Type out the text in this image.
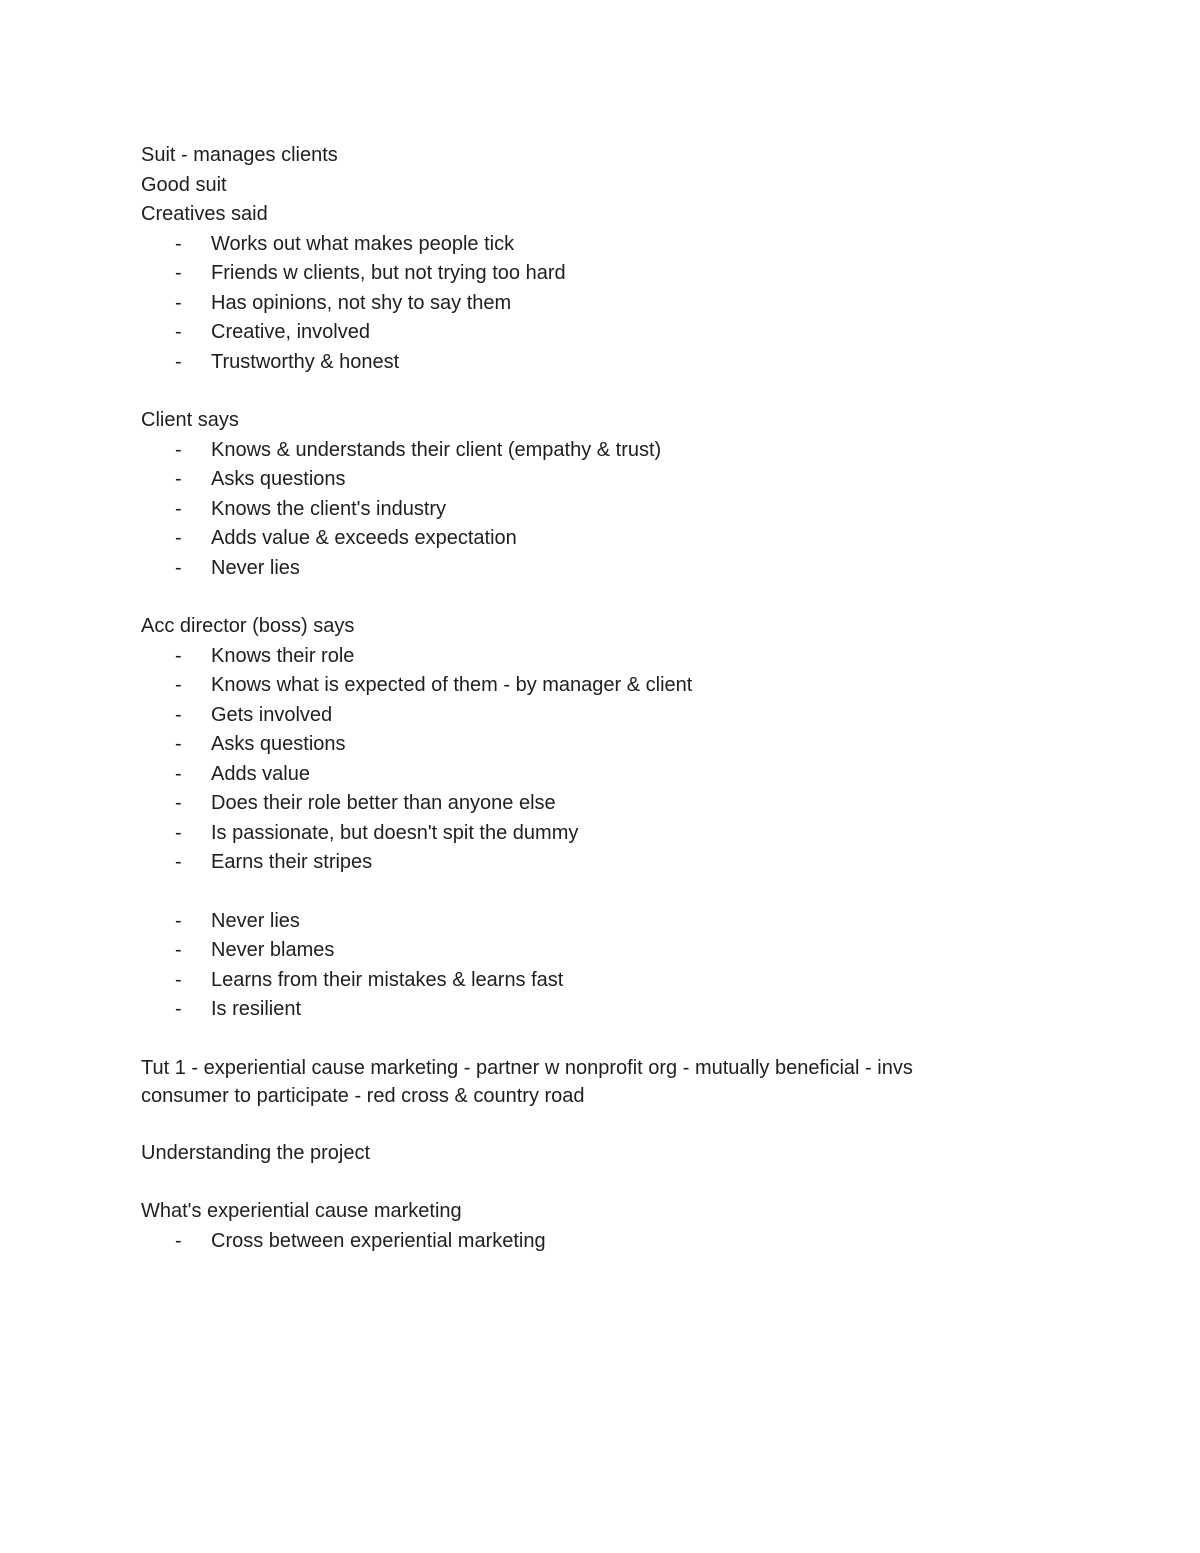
Suit - manages clients
Good suit
Creatives said
- Works out what makes people tick
- Friends w clients, but not trying too hard
- Has opinions, not shy to say them
- Creative, involved
- Trustworthy & honest
Client says
- Knows & understands their client (empathy & trust)
- Asks questions
- Knows the client's industry
- Adds value & exceeds expectation
- Never lies
Acc director (boss) says
- Knows their role
- Knows what is expected of them - by manager & client
- Gets involved
- Asks questions
- Adds value
- Does their role better than anyone else
- Is passionate, but doesn't spit the dummy
- Earns their stripes
- Never lies
- Never blames
- Learns from their mistakes & learns fast
- Is resilient
Tut 1 - experiential cause marketing - partner w nonprofit org - mutually beneficial - invs consumer to participate - red cross & country road
Understanding the project
What's experiential cause marketing
- Cross between experiential marketing
